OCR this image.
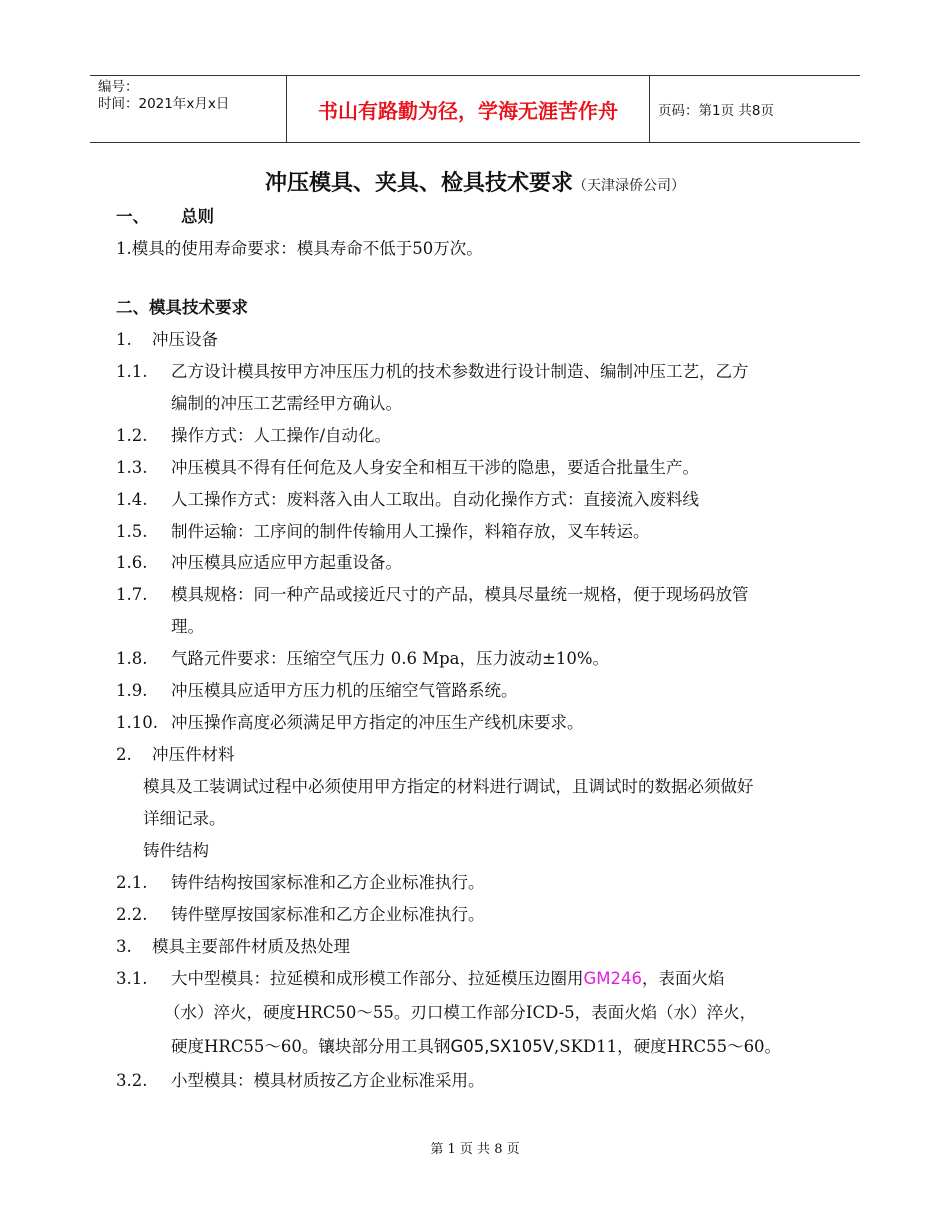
编号：
时间：2021年x月x日	书山有路勤为径，学海无涯苦作舟	页码：第1页 共8页
冲压模具、夹具、检具技术要求（天津渌侨公司）
一、 总则
1.模具的使用寿命要求：模具寿命不低于50万次。
二、模具技术要求
1. 冲压设备
1.1. 乙方设计模具按甲方冲压压力机的技术参数进行设计制造、编制冲压工艺，乙方
编制的冲压工艺需经甲方确认。
1.2. 操作方式：人工操作/自动化。
1.3. 冲压模具不得有任何危及人身安全和相互干涉的隐患，要适合批量生产。
1.4. 人工操作方式：废料落入由人工取出。自动化操作方式：直接流入废料线
1.5. 制件运输：工序间的制件传输用人工操作，料箱存放，叉车转运。
1.6. 冲压模具应适应甲方起重设备。
1.7. 模具规格：同一种产品或接近尺寸的产品，模具尽量统一规格，便于现场码放管
理。
1.8. 气路元件要求：压缩空气压力 0.6 Mpa，压力波动±10%。
1.9. 冲压模具应适甲方压力机的压缩空气管路系统。
1.10. 冲压操作高度必须满足甲方指定的冲压生产线机床要求。
2. 冲压件材料
模具及工装调试过程中必须使用甲方指定的材料进行调试，且调试时的数据必须做好
详细记录。
铸件结构
2.1. 铸件结构按国家标准和乙方企业标准执行。
2.2. 铸件壁厚按国家标准和乙方企业标准执行。
3. 模具主要部件材质及热处理
3.1. 大中型模具：拉延模和成形模工作部分、拉延模压边圈用GM246，表面火焰
（水）淬火，硬度HRC50～55。刃口模工作部分ICD-5，表面火焰（水）淬火，
硬度HRC55～60。镶块部分用工具钢G05,SX105V,SKD11，硬度HRC55～60。
3.2. 小型模具：模具材质按乙方企业标准采用。
第 1 页 共 8 页
